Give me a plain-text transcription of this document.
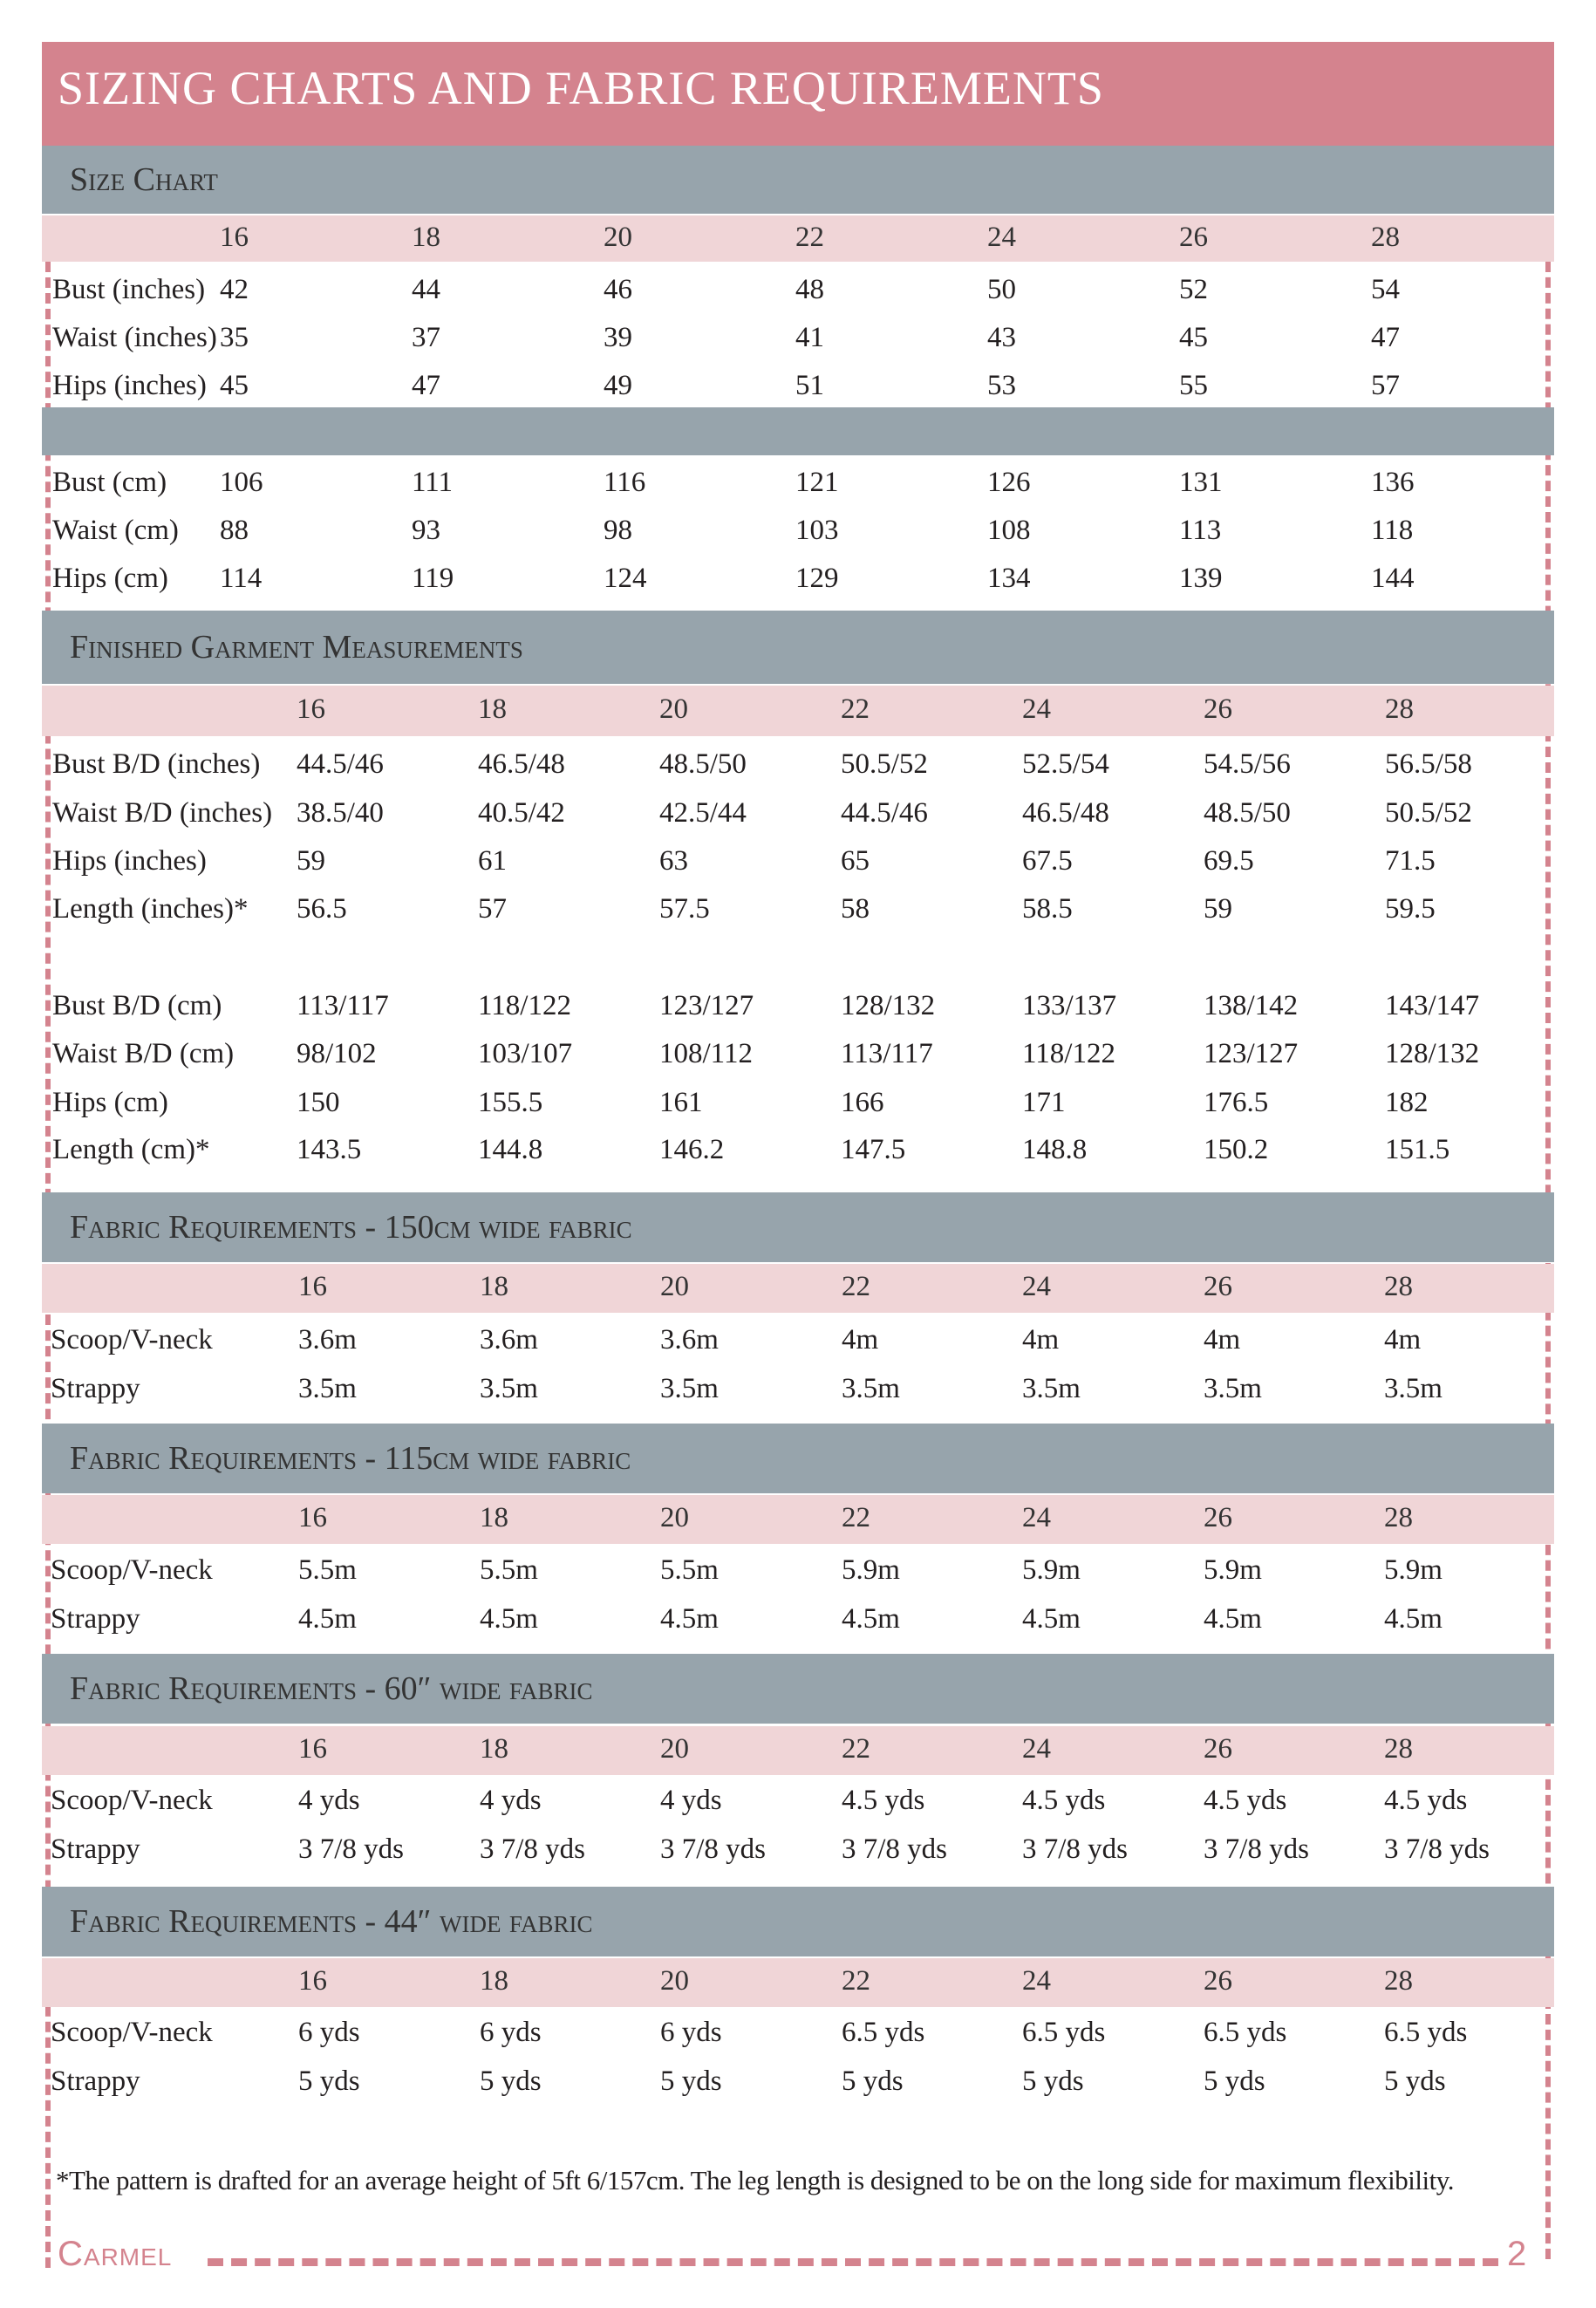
SIZING CHARTS AND FABRIC REQUIREMENTS
Size Chart
16	18	20	22	24	26	28
Bust (inches) 42	44	46	48	50	52	54
Waist (inches) 35	37	39	41	43	45	47
Hips (inches) 45	47	49	51	53	55	57
Bust (cm) 106	111	116	121	126	131	136
Waist (cm) 88	93	98	103	108	113	118
Hips (cm) 114	119	124	129	134	139	144
Finished Garment Measurements
16	18	20	22	24	26	28
Bust B/D (inches) 44.5/46	46.5/48	48.5/50	50.5/52	52.5/54	54.5/56	56.5/58
Waist B/D (inches) 38.5/40	40.5/42	42.5/44	44.5/46	46.5/48	48.5/50	50.5/52
Hips (inches)	59	61	63	65	67.5	69.5	71.5
Length (inches)* 56.5	57	57.5	58	58.5	59	59.5
Bust B/D (cm)	113/117	118/122	123/127	128/132	133/137	138/142	143/147
Waist B/D (cm) 98/102	103/107	108/112	113/117	118/122	123/127	128/132
Hips (cm)	150	155.5	161	166	171	176.5	182
Length (cm)*	143.5	144.8	146.2	147.5	148.8	150.2	151.5
Fabric Requirements - 150cm wide fabric
16	18	20	22	24	26	28
Scoop/V-neck	3.6m	3.6m	3.6m	4m	4m	4m	4m
Strappy	3.5m	3.5m	3.5m	3.5m	3.5m	3.5m	3.5m
Fabric Requirements - 115cm wide fabric
16	18	20	22	24	26	28
Scoop/V-neck	5.5m	5.5m	5.5m	5.9m	5.9m	5.9m	5.9m
Strappy	4.5m	4.5m	4.5m	4.5m	4.5m	4.5m	4.5m
Fabric Requirements - 60″ wide fabric
16	18	20	22	24	26	28
Scoop/V-neck	4 yds	4 yds	4 yds	4.5 yds	4.5 yds	4.5 yds	4.5 yds
Strappy	3 7/8 yds	3 7/8 yds	3 7/8 yds	3 7/8 yds	3 7/8 yds	3 7/8 yds	3 7/8 yds
Fabric Requirements - 44″ wide fabric
16	18	20	22	24	26	28
Scoop/V-neck	6 yds	6 yds	6 yds	6.5 yds	6.5 yds	6.5 yds	6.5 yds
Strappy	5 yds	5 yds	5 yds	5 yds	5 yds	5 yds	5 yds
*The pattern is drafted for an average height of 5ft 6/157cm. The leg length is designed to be on the long side for maximum flexibility.
Carmel	2
